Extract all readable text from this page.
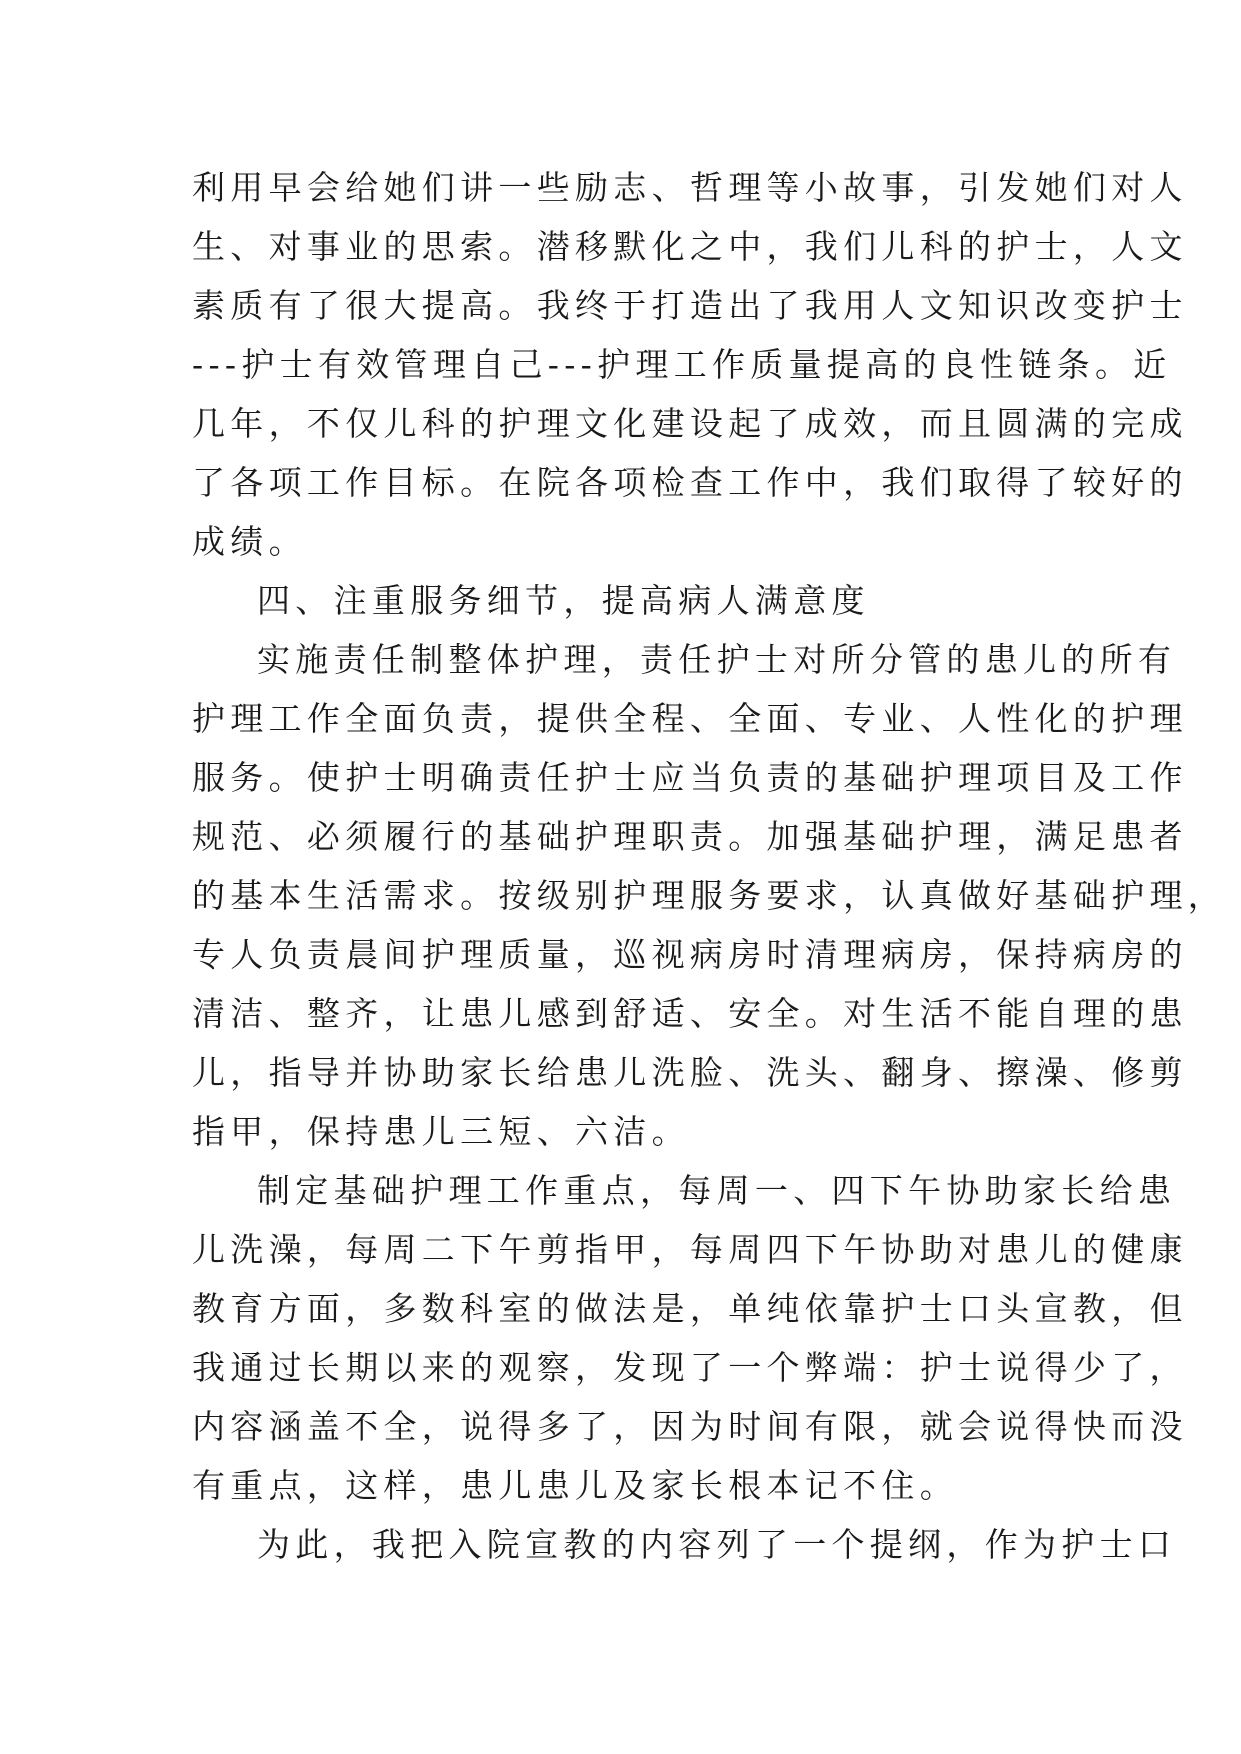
利用早会给她们讲一些励志、哲理等小故事，引发她们对人
生、对事业的思索。潜移默化之中，我们儿科的护士，人文
素质有了很大提高。我终于打造出了我用人文知识改变护士
---护士有效管理自己---护理工作质量提高的良性链条。近
几年，不仅儿科的护理文化建设起了成效，而且圆满的完成
了各项工作目标。在院各项检查工作中，我们取得了较好的
成绩。
四、注重服务细节，提高病人满意度
实施责任制整体护理，责任护士对所分管的患儿的所有
护理工作全面负责，提供全程、全面、专业、人性化的护理
服务。使护士明确责任护士应当负责的基础护理项目及工作
规范、必须履行的基础护理职责。加强基础护理，满足患者
的基本生活需求。按级别护理服务要求，认真做好基础护理，
专人负责晨间护理质量，巡视病房时清理病房，保持病房的
清洁、整齐，让患儿感到舒适、安全。对生活不能自理的患
儿，指导并协助家长给患儿洗脸、洗头、翻身、擦澡、修剪
指甲，保持患儿三短、六洁。
制定基础护理工作重点，每周一、四下午协助家长给患
儿洗澡，每周二下午剪指甲，每周四下午协助对患儿的健康
教育方面，多数科室的做法是，单纯依靠护士口头宣教，但
我通过长期以来的观察，发现了一个弊端：护士说得少了，
内容涵盖不全，说得多了，因为时间有限，就会说得快而没
有重点，这样，患儿患儿及家长根本记不住。
为此，我把入院宣教的内容列了一个提纲，作为护士口
